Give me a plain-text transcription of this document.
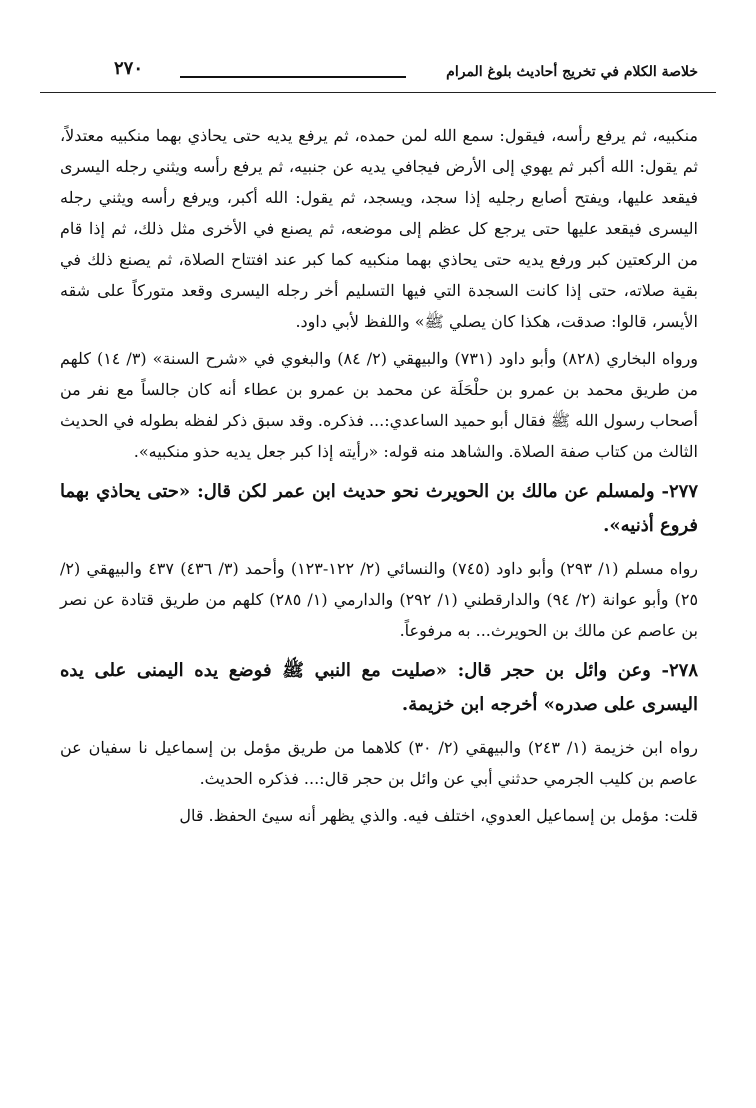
خلاصة الكلام في تخريج أحاديث بلوغ المرام
٢٧٠

منكبيه، ثم يرفع رأسه، فيقول: سمع الله لمن حمده، ثم يرفع يديه حتى يحاذي بهما منكبيه معتدلاً، ثم يقول: الله أكبر ثم يهوي إلى الأرض فيجافي يديه عن جنبيه، ثم يرفع رأسه ويثني رجله اليسرى فيقعد عليها، ويفتح أصابع رجليه إذا سجد، ويسجد، ثم يقول: الله أكبر، ويرفع رأسه ويثني رجله اليسرى فيقعد عليها حتى يرجع كل عظم إلى موضعه، ثم يصنع في الأخرى مثل ذلك، ثم إذا قام من الركعتين كبر ورفع يديه حتى يحاذي بهما منكبيه كما كبر عند افتتاح الصلاة، ثم يصنع ذلك في بقية صلاته، حتى إذا كانت السجدة التي فيها التسليم أخر رجله اليسرى وقعد متوركاً على شقه الأيسر، قالوا: صدقت، هكذا كان يصلي ﷺ» واللفظ لأبي داود.

ورواه البخاري (٨٢٨) وأبو داود (٧٣١) والبيهقي (٢/ ٨٤) والبغوي في «شرح السنة» (٣/ ١٤) كلهم من طريق محمد بن عمرو بن حلْحَلَة عن محمد بن عمرو بن عطاء أنه كان جالساً مع نفر من أصحاب رسول الله ﷺ فقال أبو حميد الساعدي:... فذكره. وقد سبق ذكر لفظه بطوله في الحديث الثالث من كتاب صفة الصلاة. والشاهد منه قوله: «رأيته إذا كبر جعل يديه حذو منكبيه».

٢٧٧- ولمسلم عن مالك بن الحويرث نحو حديث ابن عمر لكن قال: «حتى يحاذي بهما فروع أذنيه».

رواه مسلم (١/ ٢٩٣) وأبو داود (٧٤٥) والنسائي (٢/ ١٢٢-١٢٣) وأحمد (٣/ ٤٣٦) ٤٣٧ والبيهقي (٢/ ٢٥) وأبو عوانة (٢/ ٩٤) والدارقطني (١/ ٢٩٢) والدارمي (١/ ٢٨٥) كلهم من طريق قتادة عن نصر بن عاصم عن مالك بن الحويرث... به مرفوعاً.

٢٧٨- وعن وائل بن حجر قال: «صليت مع النبي ﷺ فوضع يده اليمنى على يده اليسرى على صدره» أخرجه ابن خزيمة.

رواه ابن خزيمة (١/ ٢٤٣) والبيهقي (٢/ ٣٠) كلاهما من طريق مؤمل بن إسماعيل نا سفيان عن عاصم بن كليب الجرمي حدثني أبي عن وائل بن حجر قال:... فذكره الحديث.

قلت: مؤمل بن إسماعيل العدوي، اختلف فيه. والذي يظهر أنه سيئ الحفظ. قال
